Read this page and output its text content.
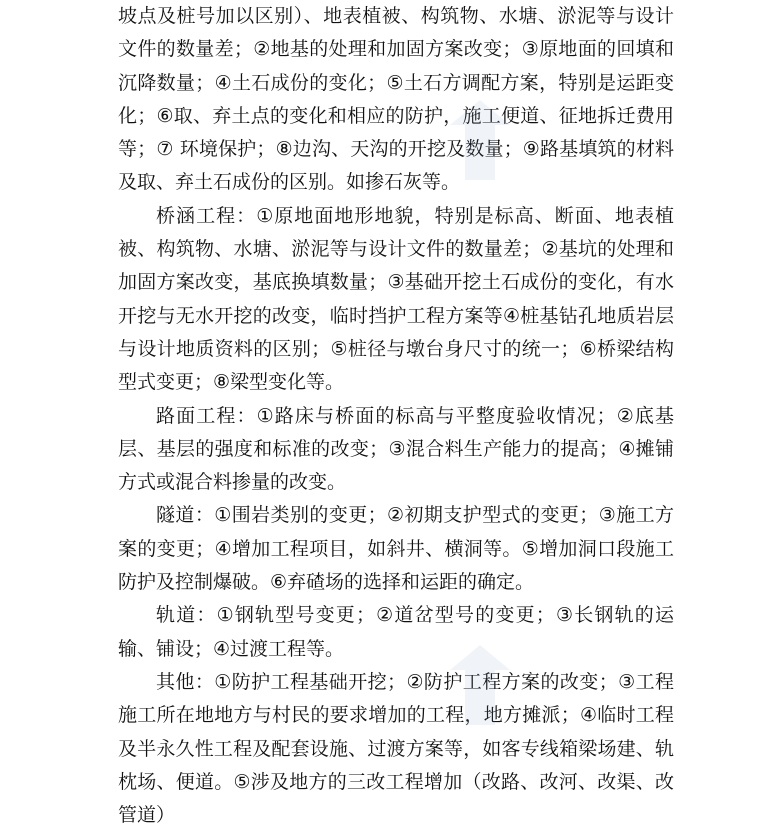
坡点及桩号加以区别）、地表植被、构筑物、水塘、淤泥等与设计文件的数量差；②地基的处理和加固方案改变；③原地面的回填和沉降数量；④土石成份的变化；⑤土石方调配方案，特别是运距变化；⑥取、弃土点的变化和相应的防护，施工便道、征地拆迁费用等；⑦ 环境保护；⑧边沟、天沟的开挖及数量；⑨路基填筑的材料及取、弃土石成份的区别。如掺石灰等。

桥涵工程：①原地面地形地貌，特别是标高、断面、地表植被、构筑物、水塘、淤泥等与设计文件的数量差；②基坑的处理和加固方案改变，基底换填数量；③基础开挖土石成份的变化，有水开挖与无水开挖的改变，临时挡护工程方案等④桩基钻孔地质岩层与设计地质资料的区别；⑤桩径与墩台身尺寸的统一；⑥桥梁结构型式变更；⑧梁型变化等。

路面工程：①路床与桥面的标高与平整度验收情况；②底基层、基层的强度和标准的改变；③混合料生产能力的提高；④摊铺方式或混合料掺量的改变。

隧道：①围岩类别的变更；②初期支护型式的变更；③施工方案的变更；④增加工程项目，如斜井、横洞等。⑤增加洞口段施工防护及控制爆破。⑥弃碴场的选择和运距的确定。

轨道：①钢轨型号变更；②道岔型号的变更；③长钢轨的运输、铺设；④过渡工程等。

其他：①防护工程基础开挖；②防护工程方案的改变；③工程施工所在地地方与村民的要求增加的工程，地方摊派；④临时工程及半永久性工程及配套设施、过渡方案等，如客专线箱梁场建、轨枕场、便道。⑤涉及地方的三改工程增加（改路、改河、改渠、改管道）
